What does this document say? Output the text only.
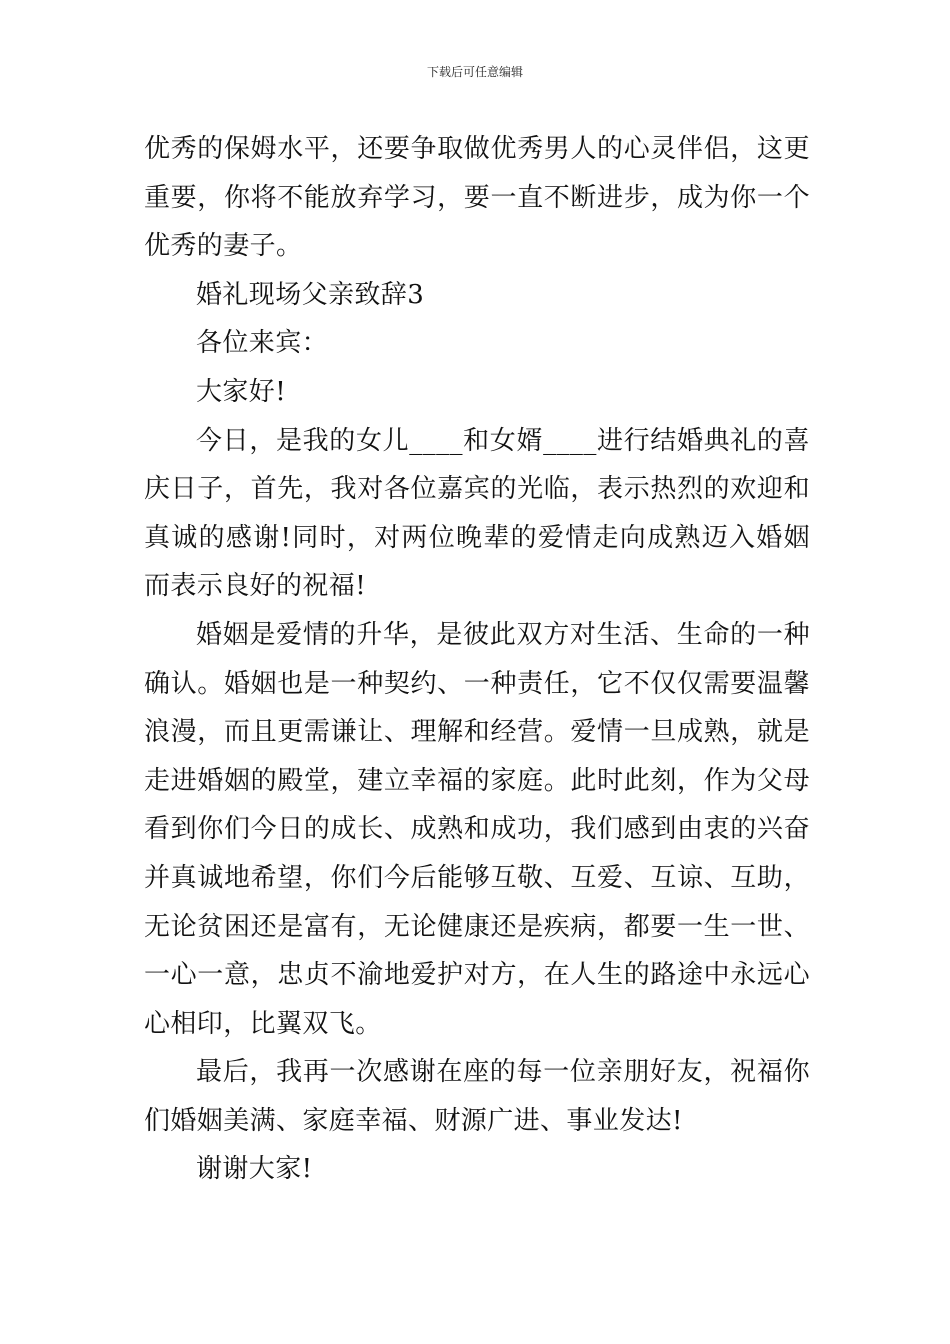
下载后可任意编辑

优秀的保姆水平，还要争取做优秀男人的心灵伴侣，这更重要，你将不能放弃学习，要一直不断进步，成为你一个优秀的妻子。

婚礼现场父亲致辞3

各位来宾：

大家好!

今日，是我的女儿____和女婿____进行结婚典礼的喜庆日子，首先，我对各位嘉宾的光临，表示热烈的欢迎和真诚的感谢!同时，对两位晚辈的爱情走向成熟迈入婚姻而表示良好的祝福!

婚姻是爱情的升华，是彼此双方对生活、生命的一种确认。婚姻也是一种契约、一种责任，它不仅仅需要温馨浪漫，而且更需谦让、理解和经营。爱情一旦成熟，就是走进婚姻的殿堂，建立幸福的家庭。此时此刻，作为父母看到你们今日的成长、成熟和成功，我们感到由衷的兴奋并真诚地希望，你们今后能够互敬、互爱、互谅、互助，无论贫困还是富有，无论健康还是疾病，都要一生一世、一心一意，忠贞不渝地爱护对方，在人生的路途中永远心心相印，比翼双飞。

最后，我再一次感谢在座的每一位亲朋好友，祝福你们婚姻美满、家庭幸福、财源广进、事业发达!

谢谢大家!
